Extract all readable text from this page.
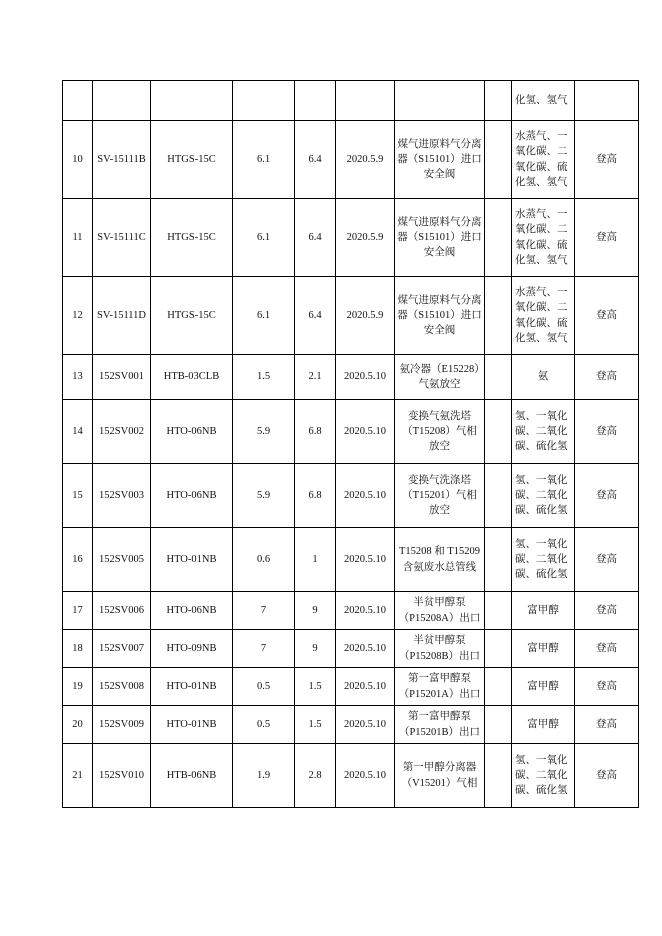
								化氢、氢气	
10	SV-15111B	HTGS-15C	6.1	6.4	2020.5.9	煤气进原料气分离器（S15101）进口安全阀		水蒸气、一氧化碳、二氧化碳、硫化氢、氢气	登高
11	SV-15111C	HTGS-15C	6.1	6.4	2020.5.9	煤气进原料气分离器（S15101）进口安全阀		水蒸气、一氧化碳、二氧化碳、硫化氢、氢气	登高
12	SV-15111D	HTGS-15C	6.1	6.4	2020.5.9	煤气进原料气分离器（S15101）进口安全阀		水蒸气、一氧化碳、二氧化碳、硫化氢、氢气	登高
13	152SV001	HTB-03CLB	1.5	2.1	2020.5.10	氨冷器（E15228）气氨放空		氨	登高
14	152SV002	HTO-06NB	5.9	6.8	2020.5.10	变换气氨洗塔（T15208）气相放空		氢、一氧化碳、二氧化碳、硫化氢	登高
15	152SV003	HTO-06NB	5.9	6.8	2020.5.10	变换气洗涤塔（T15201）气相放空		氢、一氧化碳、二氧化碳、硫化氢	登高
16	152SV005	HTO-01NB	0.6	1	2020.5.10	T15208 和 T15209 含氨废水总管线		氢、一氧化碳、二氧化碳、硫化氢	登高
17	152SV006	HTO-06NB	7	9	2020.5.10	半贫甲醇泵（P15208A）出口		富甲醇	登高
18	152SV007	HTO-09NB	7	9	2020.5.10	半贫甲醇泵（P15208B）出口		富甲醇	登高
19	152SV008	HTO-01NB	0.5	1.5	2020.5.10	第一富甲醇泵（P15201A）出口		富甲醇	登高
20	152SV009	HTO-01NB	0.5	1.5	2020.5.10	第一富甲醇泵（P15201B）出口		富甲醇	登高
21	152SV010	HTB-06NB	1.9	2.8	2020.5.10	第一甲醇分离器（V15201）气相		氢、一氧化碳、二氧化碳、硫化氢	登高
